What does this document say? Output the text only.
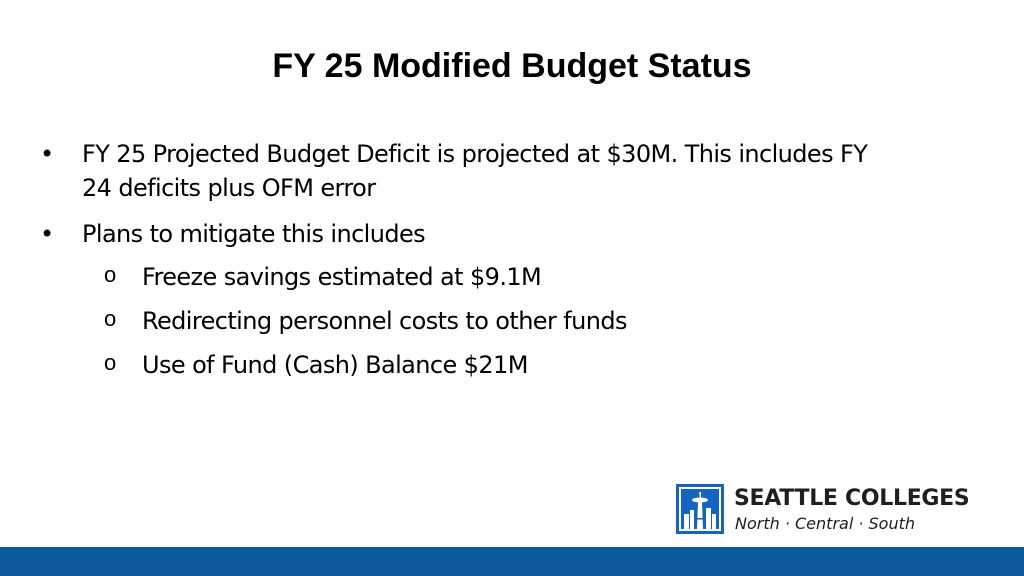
FY 25 Modified Budget Status
• FY 25 Projected Budget Deficit is projected at $30M. This includes FY
24 deficits plus OFM error
• Plans to mitigate this includes
o Freeze savings estimated at $9.1M
o Redirecting personnel costs to other funds
o Use of Fund (Cash) Balance $21M
SEATTLE COLLEGES
North · Central · South
